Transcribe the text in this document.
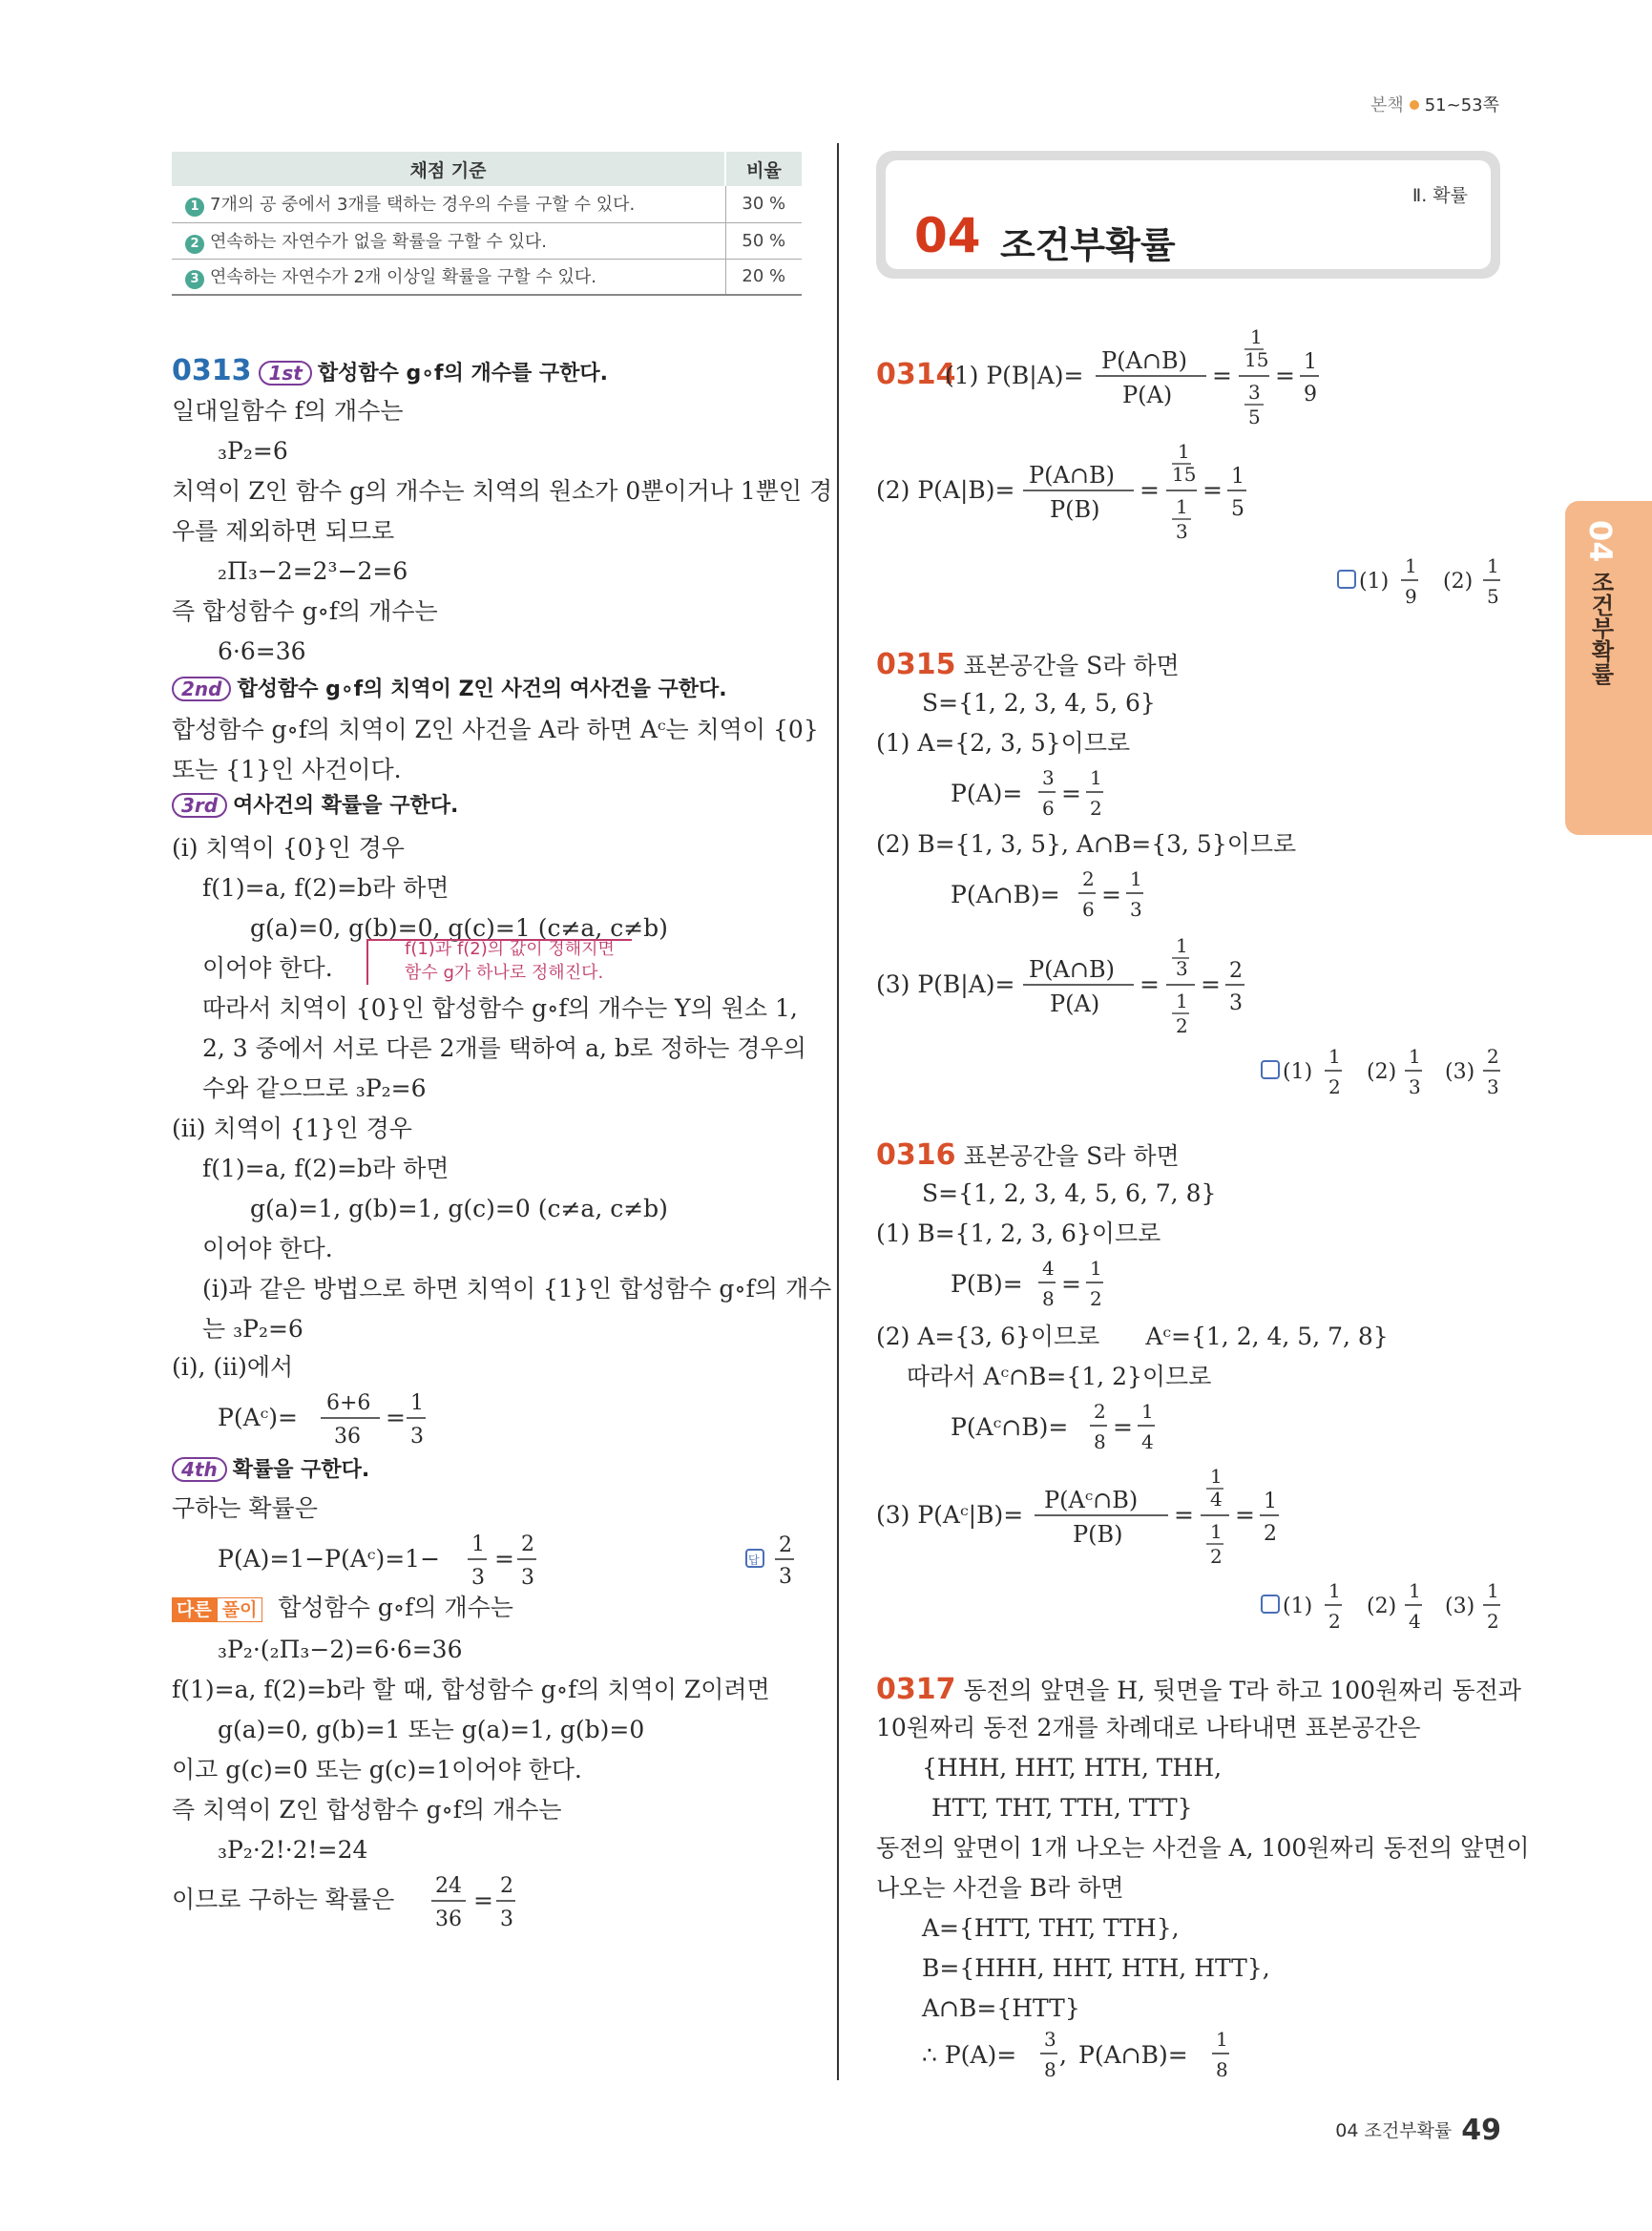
본책 51~53쪽
채점 기준	비율
1 7개의 공 중에서 3개를 택하는 경우의 수를 구할 수 있다.	30 %
2 연속하는 자연수가 없을 확률을 구할 수 있다.	50 %
3 연속하는 자연수가 2개 이상일 확률을 구할 수 있다.	20 %
Ⅱ. 확률
04 조건부확률
04 조건부확률
0313 1st 합성함수 g∘f의 개수를 구한다.
일대일함수 f의 개수는
₃P₂=6
치역이 Z인 함수 g의 개수는 치역의 원소가 0뿐이거나 1뿐인 경
우를 제외하면 되므로
₂Π₃−2=2³−2=6
즉 합성함수 g∘f의 개수는
6·6=36
2nd 합성함수 g∘f의 치역이 Z인 사건의 여사건을 구한다.
합성함수 g∘f의 치역이 Z인 사건을 A라 하면 Aᶜ는 치역이 {0}
또는 {1}인 사건이다.
3rd 여사건의 확률을 구한다.
(i) 치역이 {0}인 경우
f(1)=a, f(2)=b라 하면
g(a)=0, g(b)=0, g(c)=1 (c≠a, c≠b)
이어야 한다.
f(1)과 f(2)의 값이 정해지면
함수 g가 하나로 정해진다.
따라서 치역이 {0}인 합성함수 g∘f의 개수는 Y의 원소 1,
2, 3 중에서 서로 다른 2개를 택하여 a, b로 정하는 경우의
수와 같으므로 ₃P₂=6
(ii) 치역이 {1}인 경우
f(1)=a, f(2)=b라 하면
g(a)=1, g(b)=1, g(c)=0 (c≠a, c≠b)
이어야 한다.
(i)과 같은 방법으로 하면 치역이 {1}인 합성함수 g∘f의 개수
는 ₃P₂=6
(i), (ii)에서
P(Aᶜ)=
6+6
36
=
1
3
4th 확률을 구한다.
구하는 확률은
P(A)=1−P(Aᶜ)=1−
1
3
=
2
3
답
2
3
다른 풀이 합성함수 g∘f의 개수는
₃P₂·(₂Π₃−2)=6·6=36
f(1)=a, f(2)=b라 할 때, 합성함수 g∘f의 치역이 Z이려면
g(a)=0, g(b)=1 또는 g(a)=1, g(b)=0
이고 g(c)=0 또는 g(c)=1이어야 한다.
즉 치역이 Z인 합성함수 g∘f의 개수는
₃P₂·2!·2!=24
이므로 구하는 확률은 24
36
=
2
3
0314
(1) P(B|A)=
P(A∩B)
P(A)
=
1
15
3
5
= 1
9
(2) P(A|B)=
P(A∩B)
P(B)
=
1
15
1
3
= 1
5
(1)
1
9
(2)
1
5
0315 표본공간을 S라 하면
S={1, 2, 3, 4, 5, 6}
(1) A={2, 3, 5}이므로
P(A)=
3
6
=
1
2
(2) B={1, 3, 5}, A∩B={3, 5}이므로
P(A∩B)=
2
6
=
1
3
(3) P(B|A)=
P(A∩B)
P(A)
=
1
3
1
2
= 2
3
(1)
1
2
(2)
1
3
(3)
2
3
0316 표본공간을 S라 하면
S={1, 2, 3, 4, 5, 6, 7, 8}
(1) B={1, 2, 3, 6}이므로
P(B)=
4
8
=
1
2
(2) A={3, 6}이므로 Aᶜ={1, 2, 4, 5, 7, 8}
따라서 Aᶜ∩B={1, 2}이므로
P(Aᶜ∩B)=
2
8
=
1
4
(3) P(Aᶜ|B)=
P(Aᶜ∩B)
P(B)
=
1
4
1
2
= 1
2
(1)
1
2
(2)
1
4
(3)
1
2
0317 동전의 앞면을 H, 뒷면을 T라 하고 100원짜리 동전과
10원짜리 동전 2개를 차례대로 나타내면 표본공간은
{HHH, HHT, HTH, THH,
HTT, THT, TTH, TTT}
동전의 앞면이 1개 나오는 사건을 A, 100원짜리 동전의 앞면이
나오는 사건을 B라 하면
A={HTT, THT, TTH},
B={HHH, HHT, HTH, HTT},
A∩B={HTT}
∴ P(A)=
3
8
, P(A∩B)=
1
8
04 조건부확률 49
